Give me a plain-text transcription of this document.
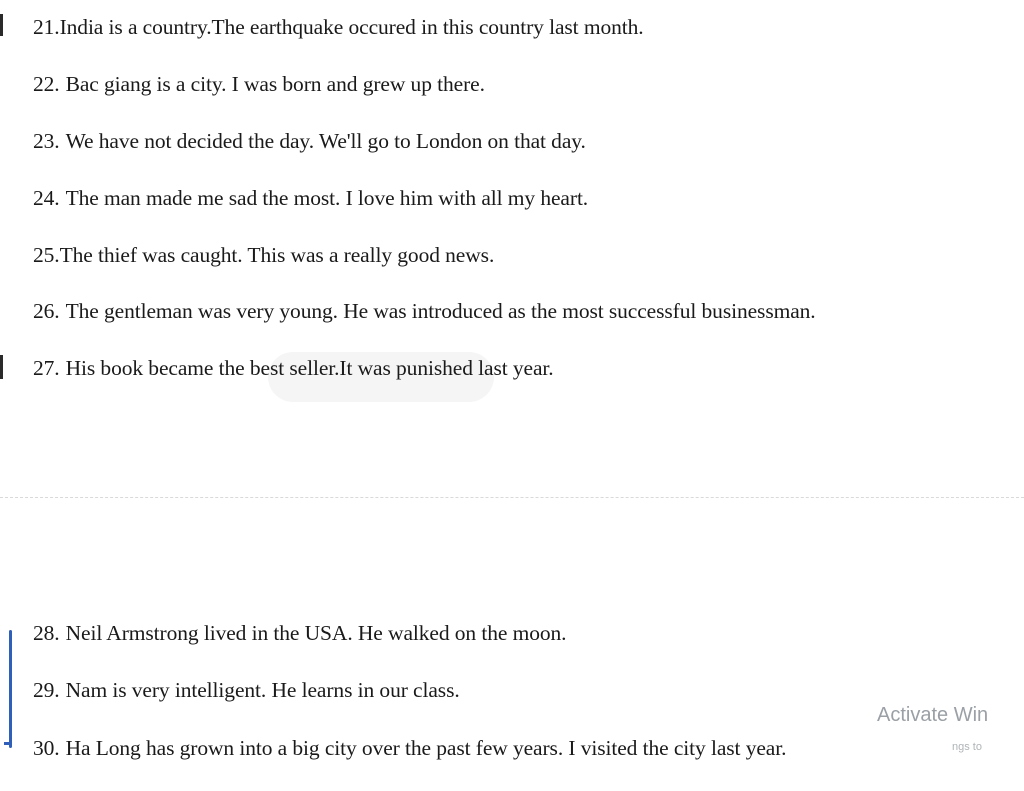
21.India is a country.The earthquake occured in this country last month.
22. Bac giang is a city. I was born and grew up there.
23. We have not decided the day. We'll go to London on that day.
24. The man made me sad the most. I love him with all my heart.
25.The thief was caught. This was a really good news.
26. The gentleman was very young. He was introduced as the most successful businessman.
27. His book became the best seller.It was punished last year.
28. Neil Armstrong lived in the USA. He walked on the moon.
29. Nam is very intelligent. He learns in our class.
30. Ha Long has grown into a big city over the past few years. I visited the city last year.
Activate Win
ngs to
